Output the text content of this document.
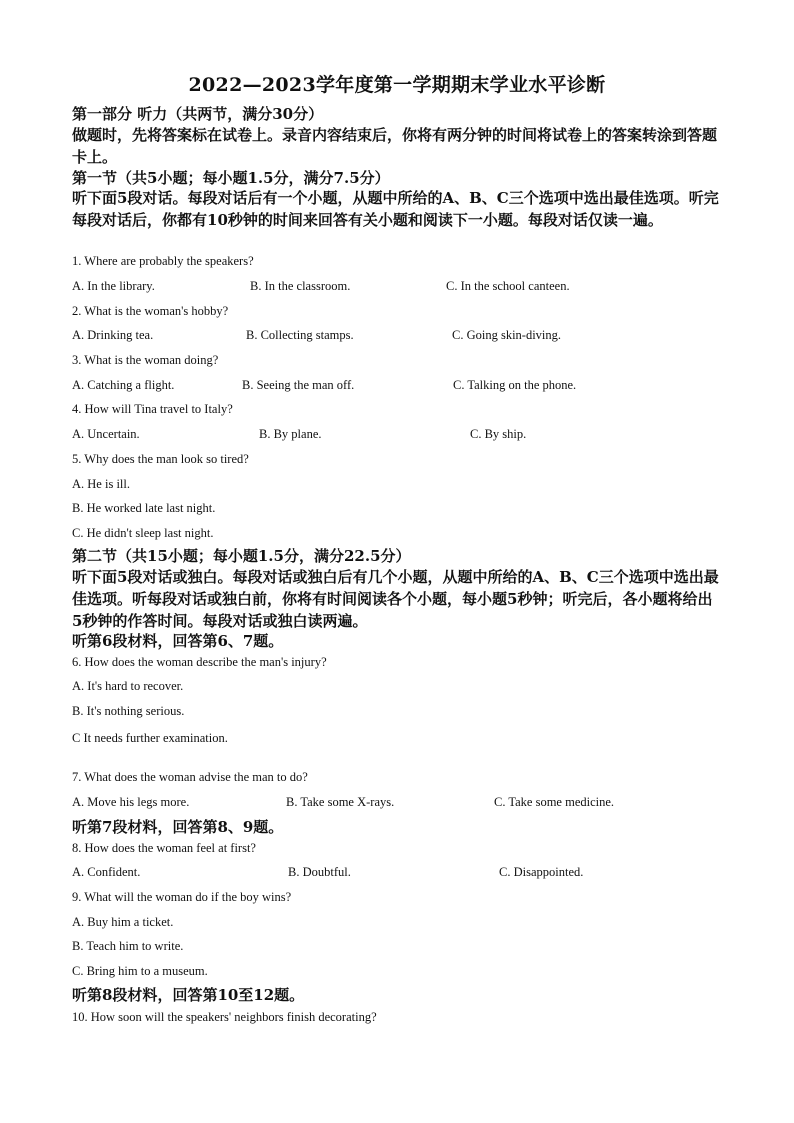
2022—2023学年度第一学期期末学业水平诊断
第一部分 听力（共两节，满分30分）
做题时，先将答案标在试卷上。录音内容结束后，你将有两分钟的时间将试卷上的答案转涂到答题卡上。
第一节（共5小题；每小题1.5分，满分7.5分）
听下面5段对话。每段对话后有一个小题，从题中所给的A、B、C三个选项中选出最佳选项。听完每段对话后，你都有10秒钟的时间来回答有关小题和阅读下一小题。每段对话仅读一遍。
1. Where are probably the speakers?
A. In the library.	B. In the classroom.	C. In the school canteen.
2. What is the woman's hobby?
A. Drinking tea.	B. Collecting stamps.	C. Going skin-diving.
3. What is the woman doing?
A. Catching a flight.	B. Seeing the man off.	C. Talking on the phone.
4. How will Tina travel to Italy?
A. Uncertain.	B. By plane.	C. By ship.
5. Why does the man look so tired?
A. He is ill.
B. He worked late last night.
C. He didn't sleep last night.
第二节（共15小题；每小题1.5分，满分22.5分）
听下面5段对话或独白。每段对话或独白后有几个小题，从题中所给的A、B、C三个选项中选出最佳选项。听每段对话或独白前，你将有时间阅读各个小题，每小题5秒钟；听完后，各小题将给出5秒钟的作答时间。每段对话或独白读两遍。
听第6段材料，回答第6、7题。
6. How does the woman describe the man's injury?
A. It's hard to recover.
B. It's nothing serious.
C It needs further examination.
7. What does the woman advise the man to do?
A. Move his legs more.	B. Take some X-rays.	C. Take some medicine.
听第7段材料，回答第8、9题。
8. How does the woman feel at first?
A. Confident.	B. Doubtful.	C. Disappointed.
9. What will the woman do if the boy wins?
A. Buy him a ticket.
B. Teach him to write.
C. Bring him to a museum.
听第8段材料，回答第10至12题。
10. How soon will the speakers' neighbors finish decorating?
